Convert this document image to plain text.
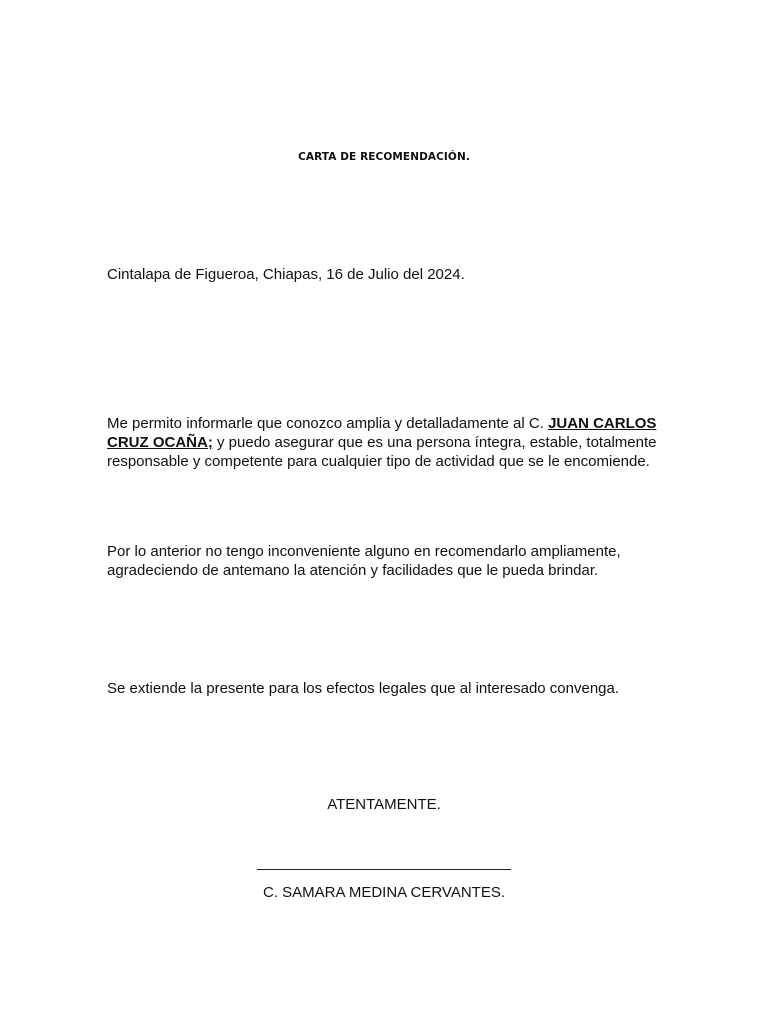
CARTA DE RECOMENDACIÓN.
Cintalapa de Figueroa, Chiapas, 16 de Julio del 2024.
Me permito informarle que conozco amplia y detalladamente al C. JUAN CARLOS CRUZ OCAÑA; y puedo asegurar que es una persona íntegra, estable, totalmente responsable y competente para cualquier tipo de actividad que se le encomiende.
Por lo anterior no tengo inconveniente alguno en recomendarlo ampliamente, agradeciendo de antemano la atención y facilidades que le pueda brindar.
Se extiende la presente para los efectos legales que al interesado convenga.
ATENTAMENTE.
C. SAMARA MEDINA CERVANTES.
